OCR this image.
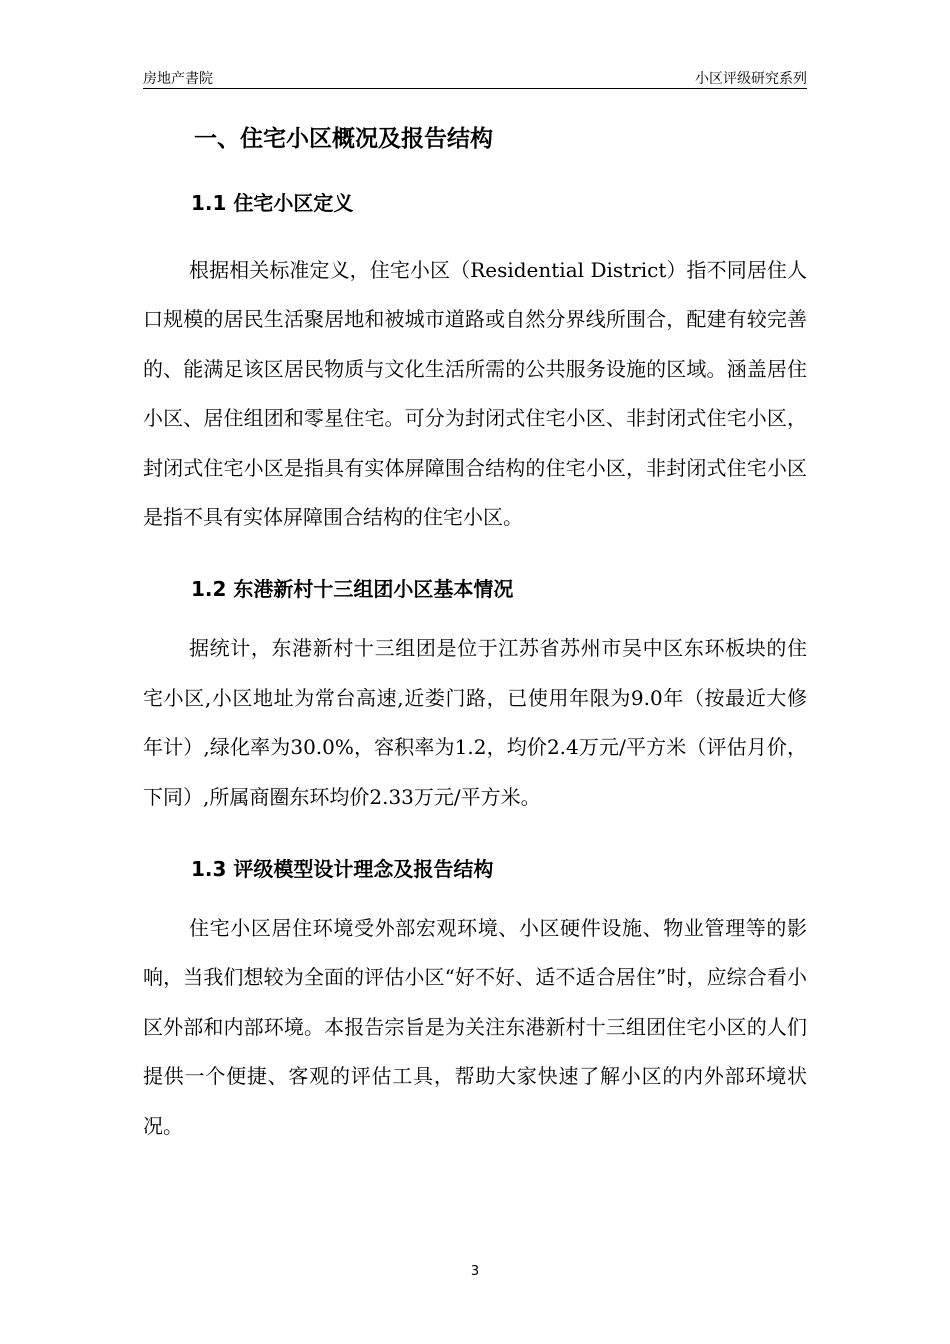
房地产書院	小区评级研究系列
一、住宅小区概况及报告结构
1.1 住宅小区定义

根据相关标准定义，住宅小区（Residential District）指不同居住人口规模的居民生活聚居地和被城市道路或自然分界线所围合，配建有较完善的、能满足该区居民物质与文化生活所需的公共服务设施的区域。涵盖居住小区、居住组团和零星住宅。可分为封闭式住宅小区、非封闭式住宅小区，封闭式住宅小区是指具有实体屏障围合结构的住宅小区，非封闭式住宅小区是指不具有实体屏障围合结构的住宅小区。

1.2 东港新村十三组团小区基本情况

据统计，东港新村十三组团是位于江苏省苏州市吴中区东环板块的住宅小区,小区地址为常台高速,近娄门路，已使用年限为9.0年（按最近大修年计）,绿化率为30.0%，容积率为1.2，均价2.4万元/平方米（评估月价，下同）,所属商圈东环均价2.33万元/平方米。

1.3 评级模型设计理念及报告结构

住宅小区居住环境受外部宏观环境、小区硬件设施、物业管理等的影响，当我们想较为全面的评估小区“好不好、适不适合居住”时，应综合看小区外部和内部环境。本报告宗旨是为关注东港新村十三组团住宅小区的人们提供一个便捷、客观的评估工具，帮助大家快速了解小区的内外部环境状况。

3
